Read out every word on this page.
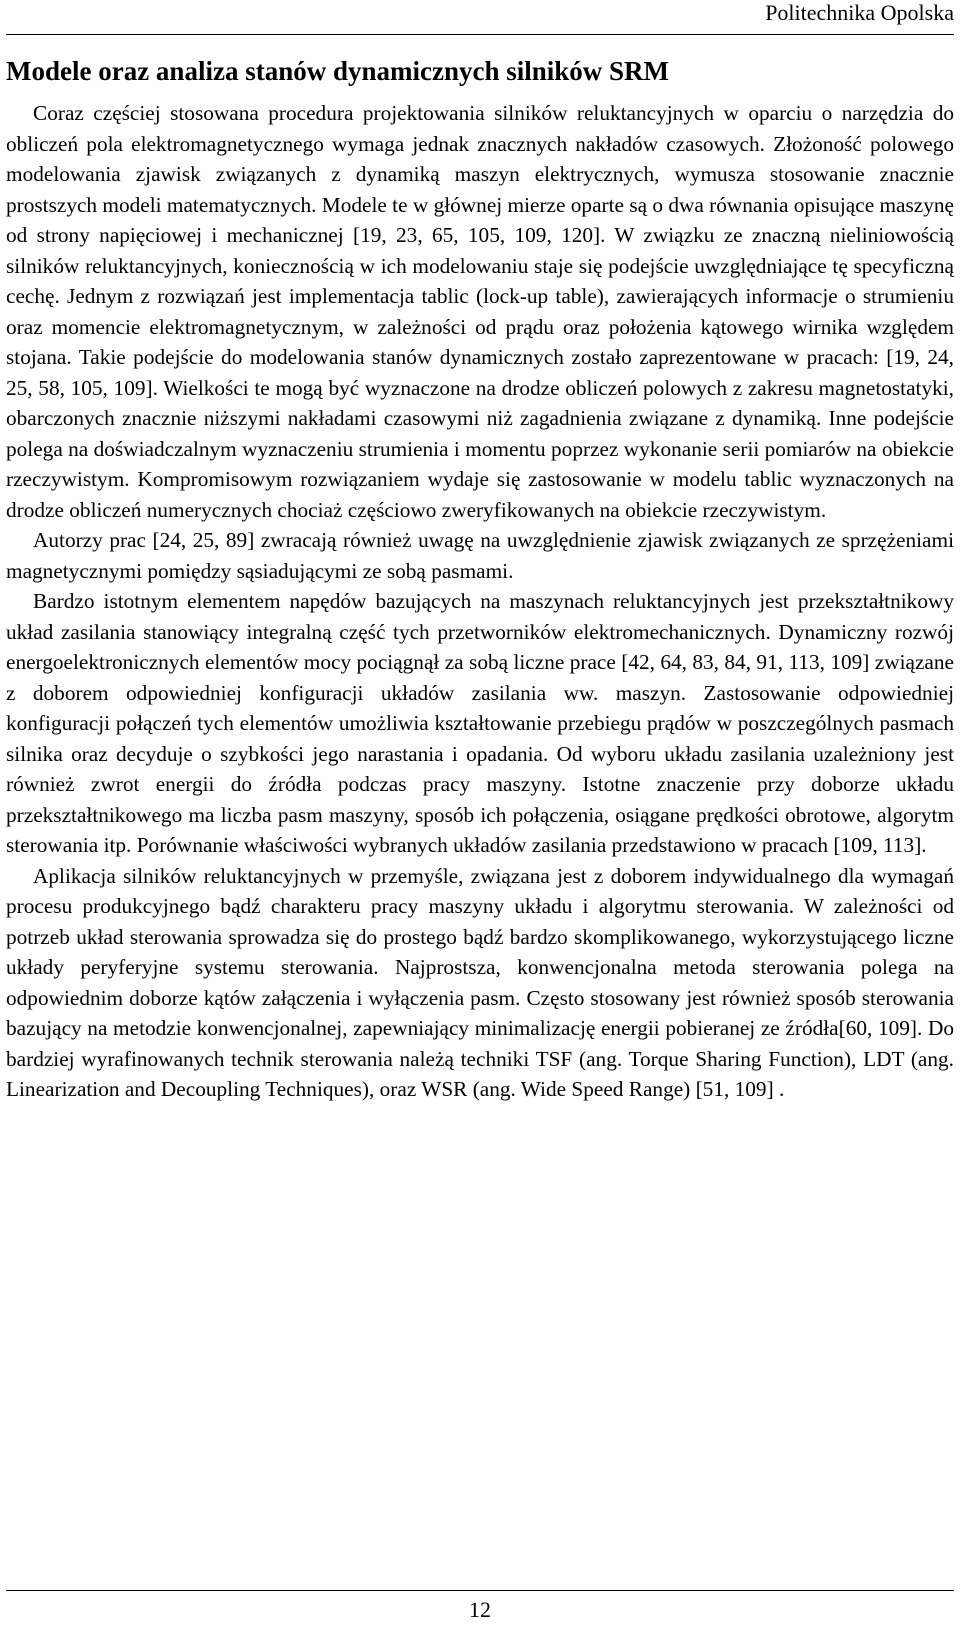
Politechnika Opolska
Modele oraz analiza stanów dynamicznych silników SRM

Coraz częściej stosowana procedura projektowania silników reluktancyjnych w oparciu o narzędzia do obliczeń pola elektromagnetycznego wymaga jednak znacznych nakładów czasowych. Złożoność polowego modelowania zjawisk związanych z dynamiką maszyn elektrycznych, wymusza stosowanie znacznie prostszych modeli matematycznych. Modele te w głównej mierze oparte są o dwa równania opisujące maszynę od strony napięciowej i mechanicznej [19, 23, 65, 105, 109, 120]. W związku ze znaczną nieliniowością silników reluktancyjnych, koniecznością w ich modelowaniu staje się podejście uwzględniające tę specyficzną cechę. Jednym z rozwiązań jest implementacja tablic (lock-up table), zawierających informacje o strumieniu oraz momencie elektromagnetycznym, w zależności od prądu oraz położenia kątowego wirnika względem stojana. Takie podejście do modelowania stanów dynamicznych zostało zaprezentowane w pracach: [19, 24, 25, 58, 105, 109]. Wielkości te mogą być wyznaczone na drodze obliczeń polowych z zakresu magnetostatyki, obarczonych znacznie niższymi nakładami czasowymi niż zagadnienia związane z dynamiką. Inne podejście polega na doświadczalnym wyznaczeniu strumienia i momentu poprzez wykonanie serii pomiarów na obiekcie rzeczywistym. Kompromisowym rozwiązaniem wydaje się zastosowanie w modelu tablic wyznaczonych na drodze obliczeń numerycznych chociaż częściowo zweryfikowanych na obiekcie rzeczywistym.

Autorzy prac [24, 25, 89] zwracają również uwagę na uwzględnienie zjawisk związanych ze sprzężeniami magnetycznymi pomiędzy sąsiadującymi ze sobą pasmami.

Bardzo istotnym elementem napędów bazujących na maszynach reluktancyjnych jest przekształtnikowy układ zasilania stanowiący integralną część tych przetworników elektromechanicznych. Dynamiczny rozwój energoelektronicznych elementów mocy pociągnął za sobą liczne prace [42, 64, 83, 84, 91, 113, 109] związane z doborem odpowiedniej konfiguracji układów zasilania ww. maszyn. Zastosowanie odpowiedniej konfiguracji połączeń tych elementów umożliwia kształtowanie przebiegu prądów w poszczególnych pasmach silnika oraz decyduje o szybkości jego narastania i opadania. Od wyboru układu zasilania uzależniony jest również zwrot energii do źródła podczas pracy maszyny. Istotne znaczenie przy doborze układu przekształtnikowego ma liczba pasm maszyny, sposób ich połączenia, osiągane prędkości obrotowe, algorytm sterowania itp. Porównanie właściwości wybranych układów zasilania przedstawiono w pracach [109, 113].

Aplikacja silników reluktancyjnych w przemyśle, związana jest z doborem indywidualnego dla wymagań procesu produkcyjnego bądź charakteru pracy maszyny układu i algorytmu sterowania. W zależności od potrzeb układ sterowania sprowadza się do prostego bądź bardzo skomplikowanego, wykorzystującego liczne układy peryferyjne systemu sterowania. Najprostsza, konwencjonalna metoda sterowania polega na odpowiednim doborze kątów załączenia i wyłączenia pasm. Często stosowany jest również sposób sterowania bazujący na metodzie konwencjonalnej, zapewniający minimalizację energii pobieranej ze źródła[60, 109]. Do bardziej wyrafinowanych technik sterowania należą techniki TSF (ang. Torque Sharing Function), LDT (ang. Linearization and Decoupling Techniques), oraz WSR (ang. Wide Speed Range) [51, 109] .

12
